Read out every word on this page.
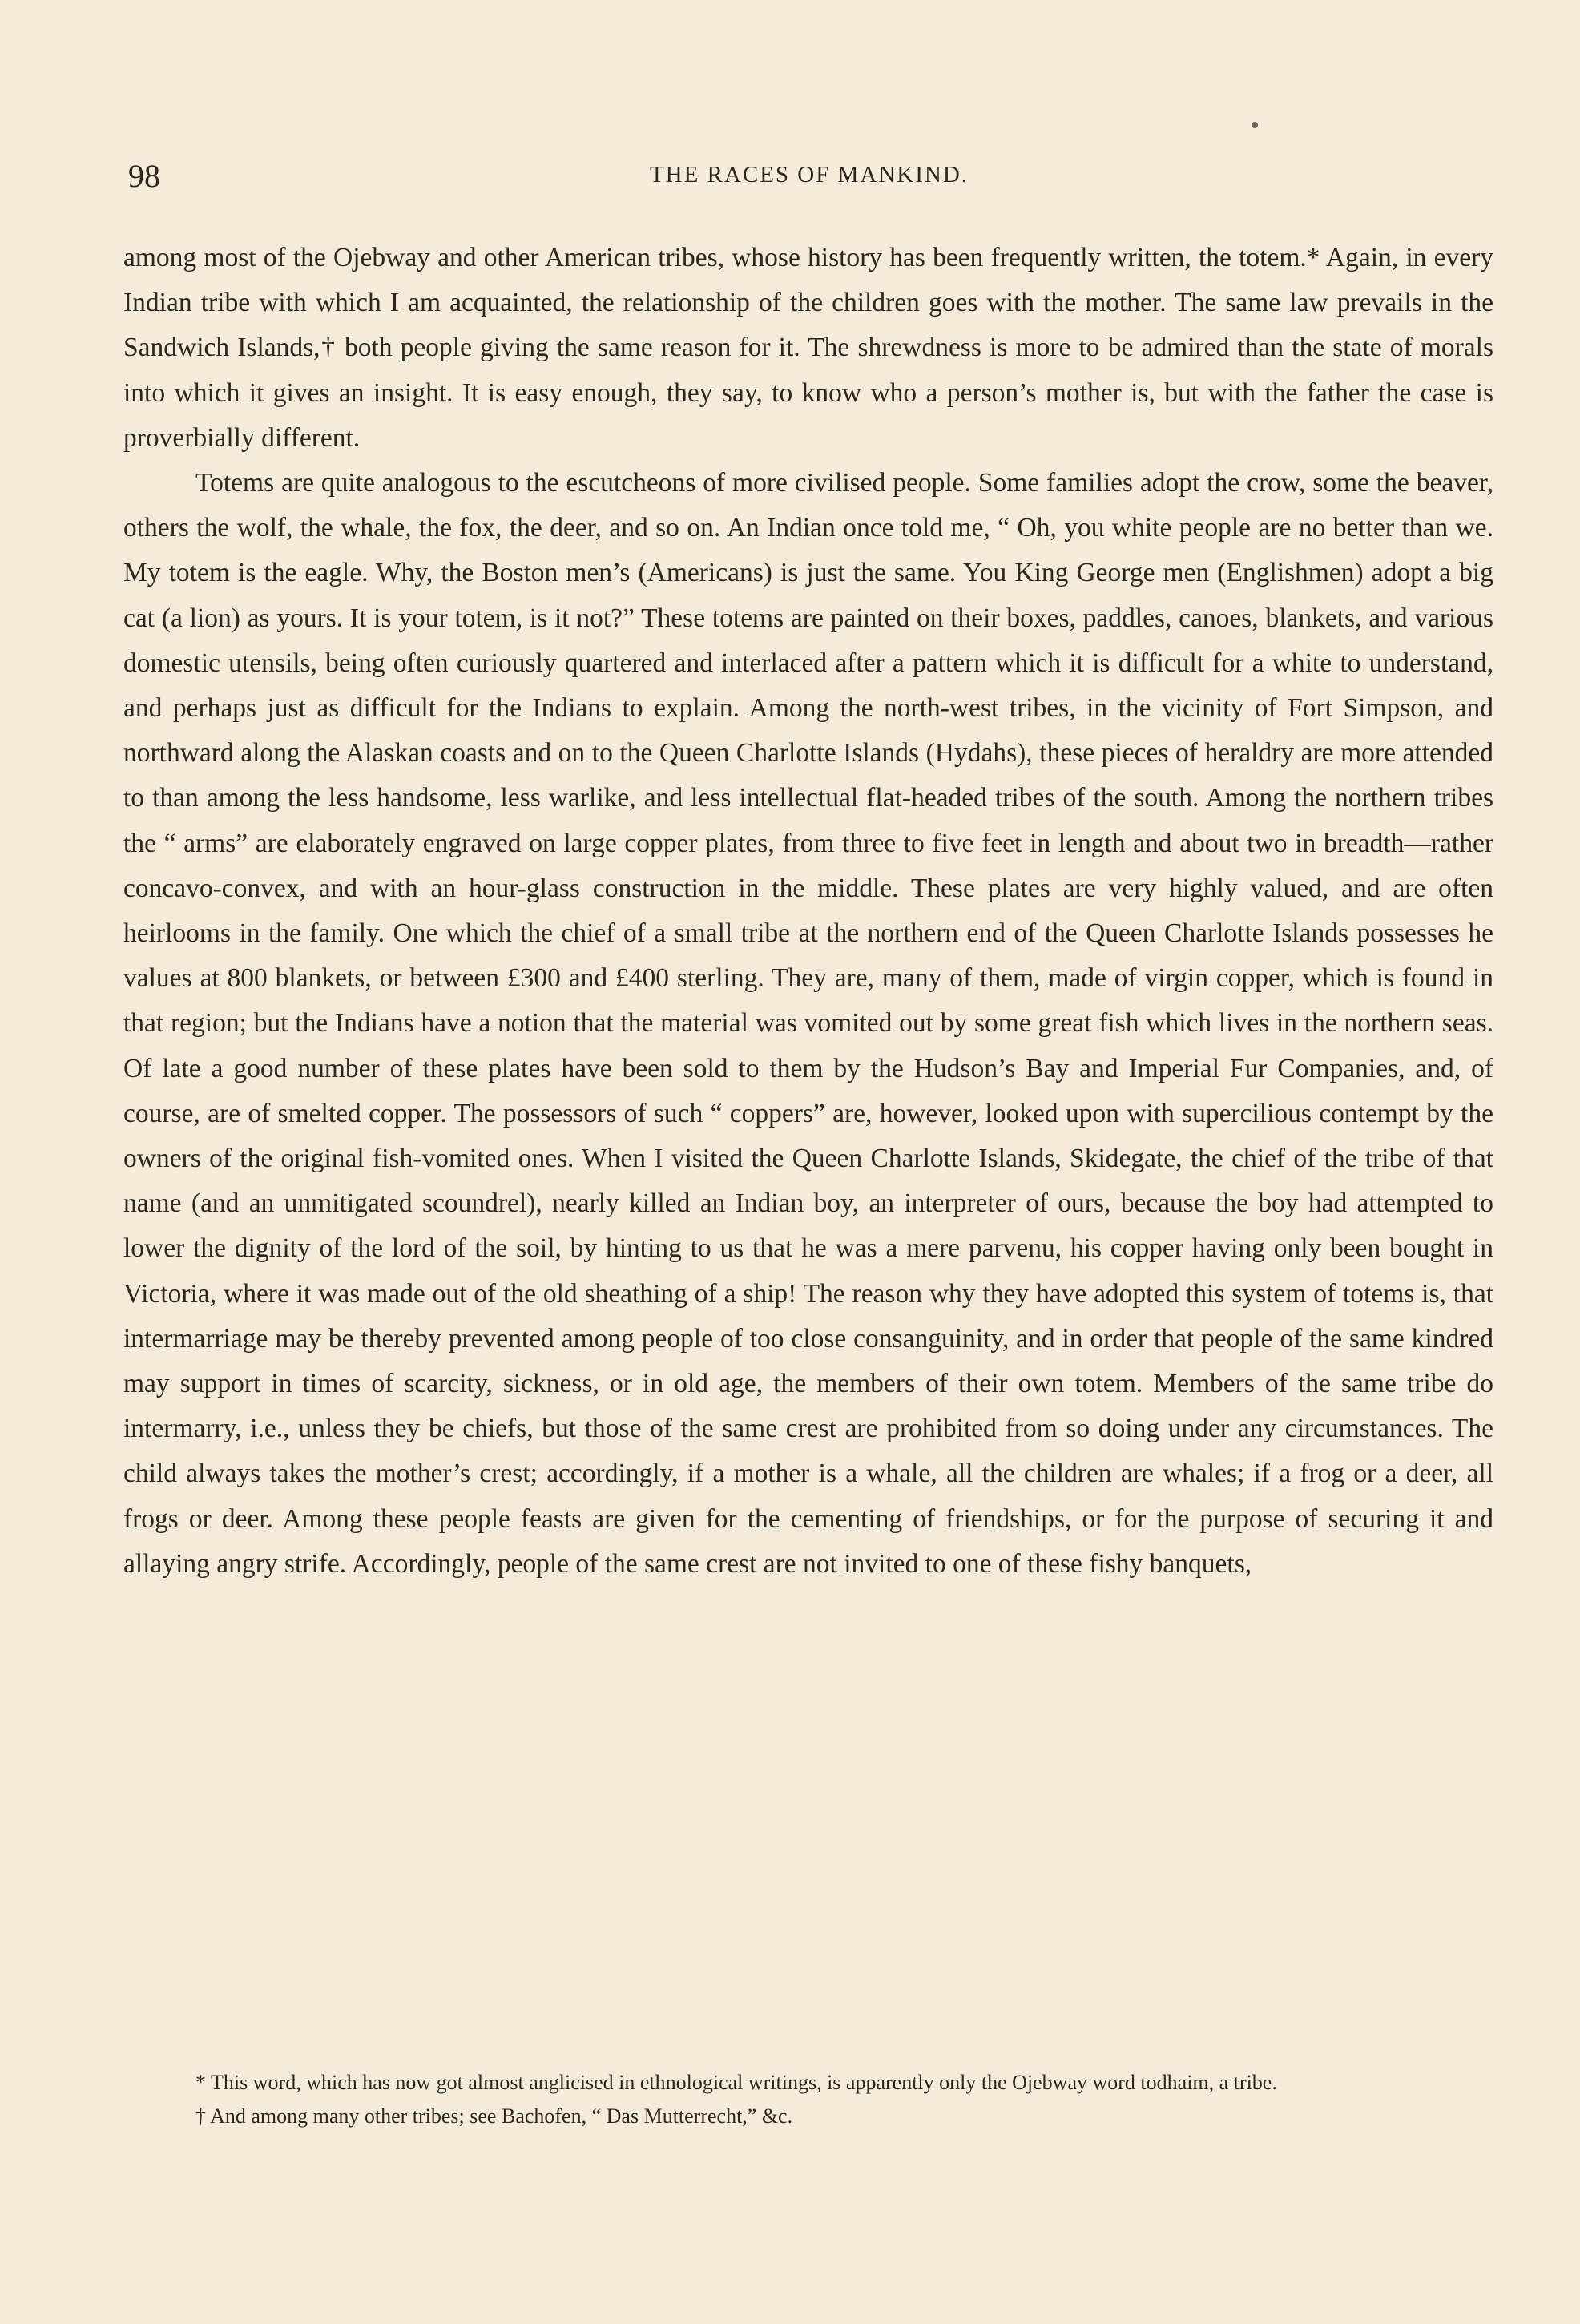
98	THE RACES OF MANKIND.

among most of the Ojebway and other American tribes, whose history has been frequently written, the totem.* Again, in every Indian tribe with which I am acquainted, the relationship of the children goes with the mother. The same law prevails in the Sandwich Islands,† both people giving the same reason for it. The shrewdness is more to be admired than the state of morals into which it gives an insight. It is easy enough, they say, to know who a person’s mother is, but with the father the case is proverbially different.

Totems are quite analogous to the escutcheons of more civilised people. Some families adopt the crow, some the beaver, others the wolf, the whale, the fox, the deer, and so on. An Indian once told me, “ Oh, you white people are no better than we. My totem is the eagle. Why, the Boston men’s (Americans) is just the same. You King George men (Englishmen) adopt a big cat (a lion) as yours. It is your totem, is it not?” These totems are painted on their boxes, paddles, canoes, blankets, and various domestic utensils, being often curiously quartered and interlaced after a pattern which it is difficult for a white to understand, and perhaps just as difficult for the Indians to explain. Among the north-west tribes, in the vicinity of Fort Simpson, and northward along the Alaskan coasts and on to the Queen Charlotte Islands (Hydahs), these pieces of heraldry are more attended to than among the less handsome, less warlike, and less intellectual flat-headed tribes of the south. Among the northern tribes the “ arms” are elaborately engraved on large copper plates, from three to five feet in length and about two in breadth—rather concavo-convex, and with an hour-glass construction in the middle. These plates are very highly valued, and are often heirlooms in the family. One which the chief of a small tribe at the northern end of the Queen Charlotte Islands possesses he values at 800 blankets, or between £300 and £400 sterling. They are, many of them, made of virgin copper, which is found in that region; but the Indians have a notion that the material was vomited out by some great fish which lives in the northern seas. Of late a good number of these plates have been sold to them by the Hudson’s Bay and Imperial Fur Companies, and, of course, are of smelted copper. The possessors of such “ coppers” are, however, looked upon with supercilious contempt by the owners of the original fish-vomited ones. When I visited the Queen Charlotte Islands, Skidegate, the chief of the tribe of that name (and an unmitigated scoundrel), nearly killed an Indian boy, an interpreter of ours, because the boy had attempted to lower the dignity of the lord of the soil, by hinting to us that he was a mere parvenu, his copper having only been bought in Victoria, where it was made out of the old sheathing of a ship! The reason why they have adopted this system of totems is, that intermarriage may be thereby prevented among people of too close consanguinity, and in order that people of the same kindred may support in times of scarcity, sickness, or in old age, the members of their own totem. Members of the same tribe do intermarry, i.e., unless they be chiefs, but those of the same crest are prohibited from so doing under any circumstances. The child always takes the mother’s crest; accordingly, if a mother is a whale, all the children are whales; if a frog or a deer, all frogs or deer. Among these people feasts are given for the cementing of friendships, or for the purpose of securing it and allaying angry strife. Accordingly, people of the same crest are not invited to one of these fishy banquets,

* This word, which has now got almost anglicised in ethnological writings, is apparently only the Ojebway word todhaim, a tribe.

† And among many other tribes; see Bachofen, “ Das Mutterrecht,” &c.
